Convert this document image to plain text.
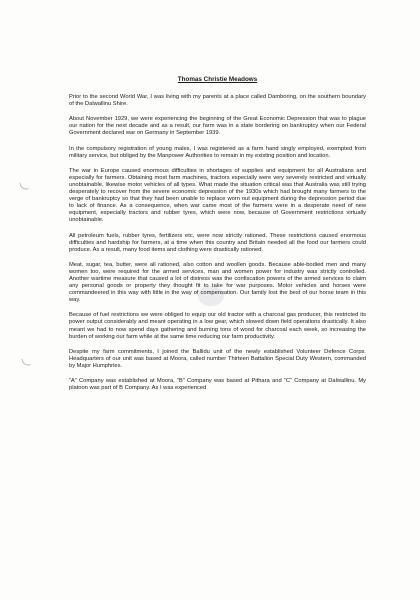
Thomas Christie Meadows

Prior to the second World War, I was living with my parents at a place called Damboring, on the southern boundary of the Dalwallinu Shire.

About November 1929, we were experiencing the beginning of the Great Economic Depression that was to plague our nation for the next decade and as a result, our farm was in a state bordering on bankruptcy when our Federal Government declared war on Germany in September 1939.

In the compulsory registration of young males, I was registered as a farm hand singly employed, exempted from military service, but obliged by the Manpower Authorities to remain in my existing position and location.

The war in Europe caused enormous difficulties in shortages of supplies and equipment for all Australians and especially for farmers. Obtaining most farm machines, tractors especially were very severely restricted and virtually unobtainable, likewise motor vehicles of all types. What made the situation critical was that Australia was still trying desperately to recover from the severe economic depression of the 1930s which had brought many farmers to the verge of bankruptcy so that they had been unable to replace worn out equipment during the depression period due to lack of finance. As a consequence, when war came most of the farmers were in a desperate need of new equipment, especially tractors and rubber tyres, which were now, because of Government restrictions virtually unobtainable.

All petroleum fuels, rubber tyres, fertilizers etc, were now strictly rationed. These restrictions caused enormous difficulties and hardship for farmers, at a time when this country and Britain needed all the food our farmers could produce. As a result, many food items and clothing were drastically rationed.

Meat, sugar, tea, butter, were all rationed, also cotton and woollen goods. Because able-bodied men and many women too, were required for the armed services, man and women power for industry was strictly controlled. Another wartime measure that caused a lot of distress was the confiscation powers of the armed services to claim any personal goods or property they thought fit to take for war purposes. Motor vehicles and horses were commandeered in this way with little in the way of compensation. Our family lost the best of our horse team in this way.

Because of fuel restrictions we were obliged to equip our old tractor with a charcoal gas producer, this restricted its power output considerably and meant operating in a low gear, which slowed down field operations drastically. It also meant we had to now spend days gathering and burning tons of wood for charcoal each week, so increasing the burden of working our farm while at the same time reducing our farm productivity.

Despite my farm commitments, I joined the Ballidu unit of the newly established Volunteer Defence Corps. Headquarters of our unit was based at Moora, called number Thirteen Battalion Special Duty Western, commanded by Major Humphries.

“A” Company was established at Moora, “B” Company was based at Pithara and “C” Company at Dalwallinu. My platoon was part of B Company. As I was experienced
